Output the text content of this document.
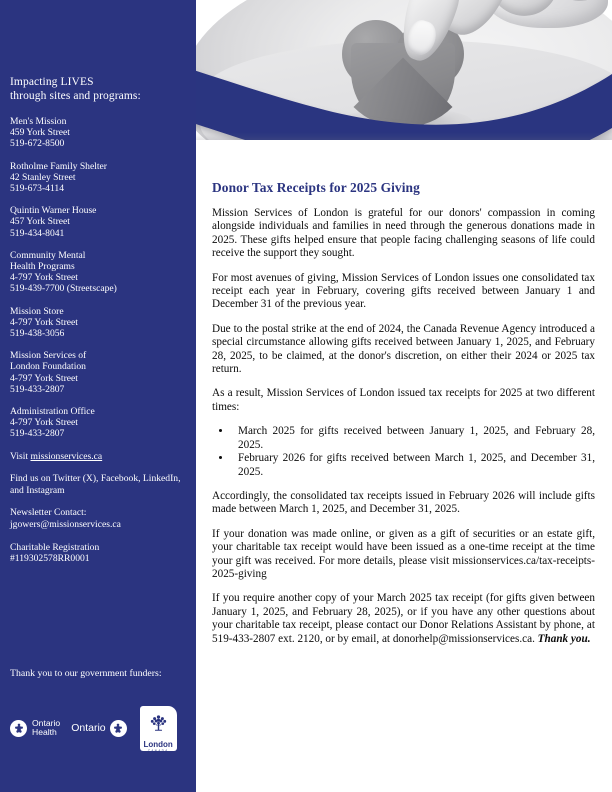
Impacting LIVES
through sites and programs:
Men's Mission
459 York Street
519-672-8500
Rotholme Family Shelter
42 Stanley Street
519-673-4114
Quintin Warner House
457 York Street
519-434-8041
Community Mental
Health Programs
4-797 York Street
519-439-7700 (Streetscape)
Mission Store
4-797 York Street
519-438-3056
Mission Services of
London Foundation
4-797 York Street
519-433-2807
Administration Office
4-797 York Street
519-433-2807
Visit missionservices.ca
Find us on Twitter (X), Facebook, LinkedIn, and Instagram
Newsletter Contact:
jgowers@missionservices.ca
Charitable Registration
#119302578RR0001
Thank you to our government funders:
Ontario
Health	Ontario
London
CANADA
Donor Tax Receipts for 2025 Giving

Mission Services of London is grateful for our donors' compassion in coming alongside individuals and families in need through the generous donations made in 2025. These gifts helped ensure that people facing challenging seasons of life could receive the support they sought.

For most avenues of giving, Mission Services of London issues one consolidated tax receipt each year in February, covering gifts received between January 1 and December 31 of the previous year.

Due to the postal strike at the end of 2024, the Canada Revenue Agency introduced a special circumstance allowing gifts received between January 1, 2025, and February 28, 2025, to be claimed, at the donor's discretion, on either their 2024 or 2025 tax return.

As a result, Mission Services of London issued tax receipts for 2025 at two different times:

• March 2025 for gifts received between January 1, 2025, and February 28, 2025.
• February 2026 for gifts received between March 1, 2025, and December 31, 2025.

Accordingly, the consolidated tax receipts issued in February 2026 will include gifts made between March 1, 2025, and December 31, 2025.

If your donation was made online, or given as a gift of securities or an estate gift, your charitable tax receipt would have been issued as a one-time receipt at the time your gift was received. For more details, please visit missionservices.ca/tax-receipts-2025-giving

If you require another copy of your March 2025 tax receipt (for gifts given between January 1, 2025, and February 28, 2025), or if you have any other questions about your charitable tax receipt, please contact our Donor Relations Assistant by phone, at 519-433-2807 ext. 2120, or by email, at donorhelp@missionservices.ca. Thank you.
